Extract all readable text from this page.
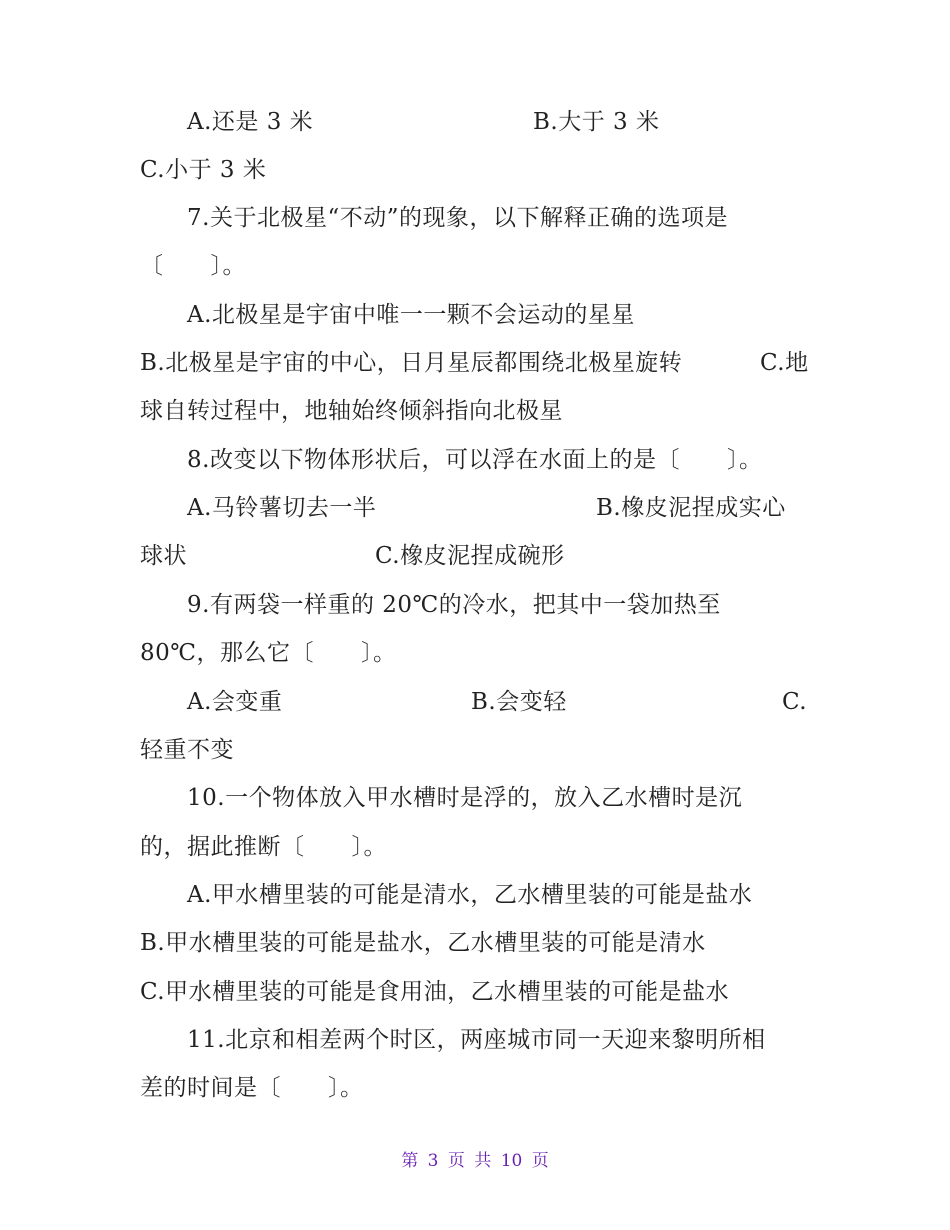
A.还是 3 米	B.大于 3 米

C.小于 3 米

7.关于北极星“不动”的现象，以下解释正确的选项是

〔　　〕。

A.北极星是宇宙中唯一一颗不会运动的星星

B.北极星是宇宙的中心，日月星辰都围绕北极星旋转	C.地

球自转过程中，地轴始终倾斜指向北极星

8.改变以下物体形状后，可以浮在水面上的是〔　　〕。

A.马铃薯切去一半	B.橡皮泥捏成实心

球状	C.橡皮泥捏成碗形

9.有两袋一样重的 20℃的冷水，把其中一袋加热至

80℃，那么它〔　　〕。

A.会变重	B.会变轻	C.

轻重不变

10.一个物体放入甲水槽时是浮的，放入乙水槽时是沉

的，据此推断〔　　〕。

A.甲水槽里装的可能是清水，乙水槽里装的可能是盐水

B.甲水槽里装的可能是盐水，乙水槽里装的可能是清水

C.甲水槽里装的可能是食用油，乙水槽里装的可能是盐水

11.北京和相差两个时区，两座城市同一天迎来黎明所相

差的时间是〔　　〕。

第 3 页 共 10 页
